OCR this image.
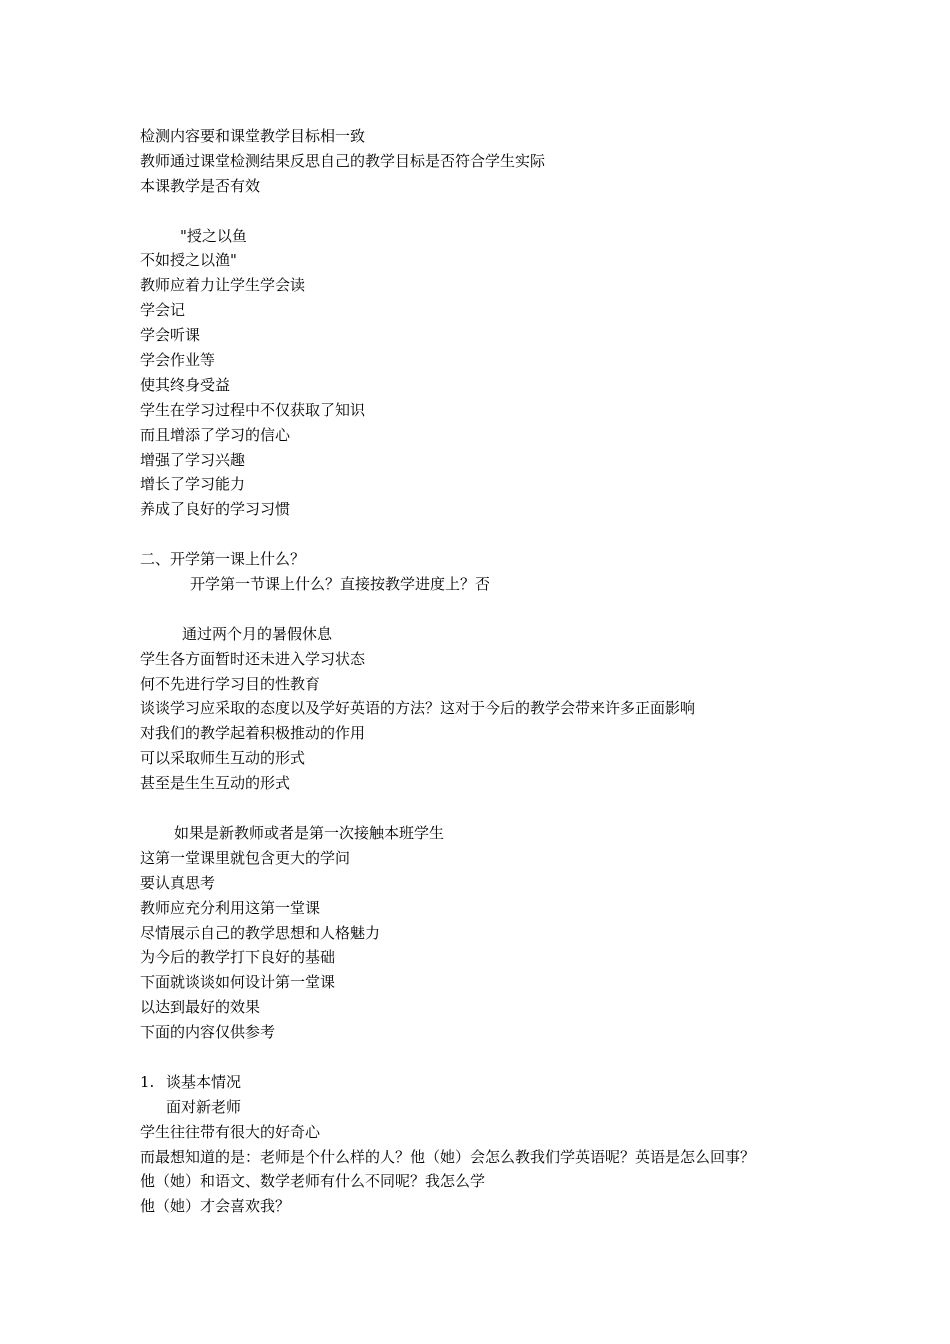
检测内容要和课堂教学目标相一致
教师通过课堂检测结果反思自己的教学目标是否符合学生实际
本课教学是否有效
"授之以鱼
不如授之以渔"
教师应着力让学生学会读
学会记
学会听课
学会作业等
使其终身受益
学生在学习过程中不仅获取了知识
而且增添了学习的信心
增强了学习兴趣
增长了学习能力
养成了良好的学习习惯
二、开学第一课上什么？
开学第一节课上什么？直接按教学进度上？否
通过两个月的暑假休息
学生各方面暂时还未进入学习状态
何不先进行学习目的性教育
谈谈学习应采取的态度以及学好英语的方法？这对于今后的教学会带来许多正面影响
对我们的教学起着积极推动的作用
可以采取师生互动的形式
甚至是生生互动的形式
如果是新教师或者是第一次接触本班学生
这第一堂课里就包含更大的学问
要认真思考
教师应充分利用这第一堂课
尽情展示自己的教学思想和人格魅力
为今后的教学打下良好的基础
下面就谈谈如何设计第一堂课
以达到最好的效果
下面的内容仅供参考
1. 谈基本情况
面对新老师
学生往往带有很大的好奇心
而最想知道的是：老师是个什么样的人？他（她）会怎么教我们学英语呢？英语是怎么回事？
他（她）和语文、数学老师有什么不同呢？我怎么学
他（她）才会喜欢我？
